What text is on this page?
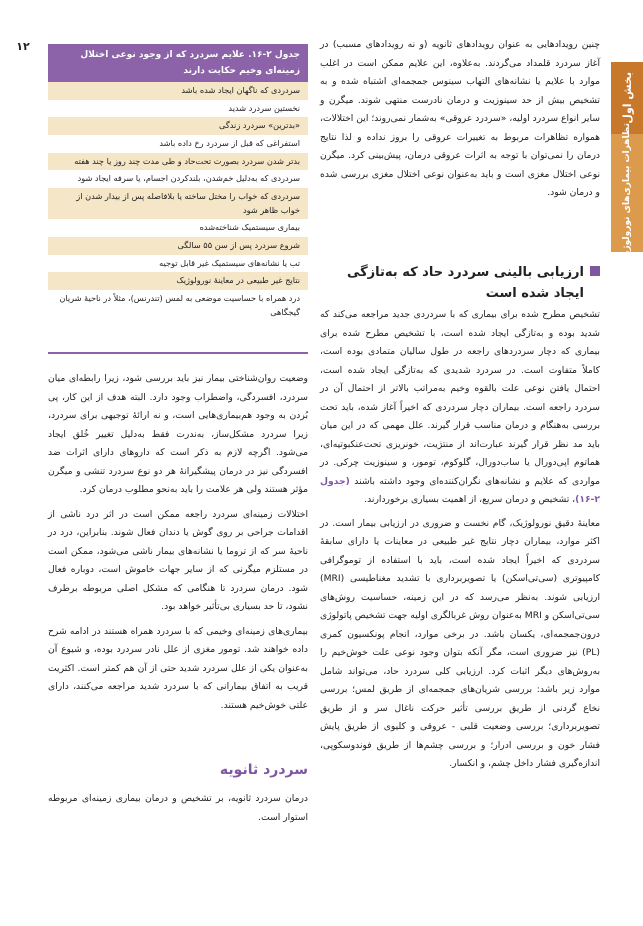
۱۲
بخش اول
تظاهرات بیماری‌های نورولوژیک

چنین رویدادهایی به عنوان رویدادهای ثانویه (و نه رویدادهای مسبب) در آغاز سردرد قلمداد می‌گردند. به‌علاوه، این علایم ممکن است در اغلب موارد با علایم یا نشانه‌های التهاب سینوس جمجمه‌ای اشتباه شده و به تشخیص بیش از حد سینوزیت و درمان نادرست منتهی شوند. میگرن و سایر انواع سردرد اولیه، «سردرد عروقی» به‌شمار نمی‌روند؛ این اختلالات، همواره تظاهرات مربوط به تغییرات عروقی را بروز نداده و لذا نتایج درمان را نمی‌توان با توجه به اثرات عروقی درمان، پیش‌بینی کرد. میگرن نوعی اختلال مغزی است و باید به‌عنوان نوعی اختلال مغزی بررسی شده و درمان شود.

ارزیابی بالینی سردرد حاد که به‌تازگی ایجاد شده است

تشخیص مطرح شده برای بیماری که با سردردی جدید مراجعه می‌کند که شدید بوده و به‌تازگی ایجاد شده است، با تشخیص مطرح شده برای بیماری که دچار سردردهای راجعه در طول سالیان متمادی بوده است، کاملاً متفاوت است. در سردرد شدیدی که به‌تازگی ایجاد شده است، احتمال یافتن نوعی علت بالقوه وخیم به‌مراتب بالاتر از احتمال آن در سردرد راجعه است. بیماران دچار سردردی که اخیراً آغاز شده، باید تحت بررسی به‌هنگام و درمان مناسب قرار گیرند. علل مهمی که در این میان باید مد نظر قرار گیرند عبارت‌اند از منتژیت، خونریزی تحت‌عنکبوتیه‌ای، هماتوم اپی‌دورال یا ساب‌دورال، گلوکوم، تومور، و سینوزیت چرکی. در مواردی که علایم و نشانه‌های نگران‌کننده‌ای وجود داشته باشند (جدول ۲-۱۶)، تشخیص و درمان سریع، از اهمیت بسیاری برخوردارند.

معاینهٔ دقیق نورولوژیک، گام نخست و ضروری در ارزیابی بیمار است. در اکثر موارد، بیماران دچار نتایج غیر طبیعی در معاینات یا دارای سابقهٔ سردردی که اخیراً ایجاد شده است، باید با استفاده از توموگرافی کامپیوتری (سی‌تی‌اسکن) یا تصویربرداری با تشدید مغناطیسی (MRI) ارزیابی شوند. به‌نظر می‌رسد که در این زمینه، حساسیت روش‌های سی‌تی‌اسکن و MRI به‌عنوان روش غربالگری اولیه جهت تشخیص پاتولوژی درون‌جمجمه‌ای، یکسان باشد. در برخی موارد، انجام پونکسیون کمری (PL) نیز ضروری است، مگر آنکه بتوان وجود نوعی علت خوش‌خیم را به‌روش‌های دیگر اثبات کرد. ارزیابی کلی سردرد حاد، می‌تواند شامل موارد زیر باشد: بررسی شریان‌های جمجمه‌ای از طریق لمس؛ بررسی نخاع گردنی از طریق بررسی تأثیر حرکت ناغال سر و از طریق تصویربرداری؛ بررسی وضعیت قلبی - عروقی و کلیوی از طریق پایش فشار خون و بررسی ادرار؛ و بررسی چشم‌ها از طریق فوندوسکوپی، اندازه‌گیری فشار داخل چشم، و انکسار.

جدول ۲-۱۶. علایم سردرد که از وجود نوعی اختلال زمینه‌ای وخیم حکایت دارند
سردردی که ناگهان ایجاد شده باشد
نخستین سردرد شدید
«بدترین» سردرد زندگی
استفراغی که قبل از سردرد رخ داده باشد
بدتر شدن سردرد بصورت تحت‌حاد و طی مدت چند روز یا چند هفته
سردردی که به‌دلیل خم‌شدن، بلندکردن اجسام، یا سرفه ایجاد شود
سردردی که خواب را مختل ساخته یا بلافاصله پس از بیدار شدن از خواب ظاهر شود
بیماری سیستمیک شناخته‌شده
شروع سردرد پس از سن ۵۵ سالگی
تب یا نشانه‌های سیستمیک غیر قابل توجیه
نتایج غیر طبیعی در معاینهٔ نورولوژیک
درد همراه با حساسیت موضعی به لمس (تندرنس)، مثلاً در ناحیهٔ شریان گیجگاهی

وضعیت روان‌شناختی بیمار نیز باید بررسی شود، زیرا رابطه‌ای میان سردرد، افسردگی، واضطراب وجود دارد. البته هدف از این کار، پی بُردن به وجود هم‌بیماری‌هایی است، و نه ارائهٔ توجیهی برای سردرد، زیرا سردرد مشکل‌ساز، به‌ندرت فقط به‌دلیل تغییر خُلق ایجاد می‌شود. اگرچه لازم به ذکر است که داروهای دارای اثرات ضد افسردگی نیز در درمان پیشگیرانهٔ هر دو نوع سردرد تنشی و میگرن مؤثر هستند ولی هر علامت را باید به‌نحو مطلوب درمان کرد.

اختلالات زمینه‌ای سردرد راجعه ممکن است در اثر درد ناشی از اقدامات جراحی بر روی گوش یا دندان فعال شوند. بنابراین، درد در ناحیهٔ سر که از تروما یا نشانه‌های بیمار ناشی می‌شود، ممکن است در مستلزم میگرنی که از سایر جهات خاموش است، دوباره فعال شود. درمان سردرد تا هنگامی که مشکل اصلی مربوطه برطرف نشود، تا حد بسیاری بی‌تأثیر خواهد بود.

بیماری‌های زمینه‌ای وخیمی که با سردرد همراه هستند در ادامه شرح داده خواهند شد. تومور مغزی از علل نادر سردرد بوده، و شیوع آن به‌عنوان یکی از علل سردرد شدید حتی از آن هم کمتر است. اکثریت قریب به اتفاق بیمارانی که با سردرد شدید مراجعه می‌کنند، دارای علتی خوش‌خیم هستند.

سردرد ثانویه

درمان سردرد ثانویه، بر تشخیص و درمان بیماری زمینه‌ای مربوطه استوار است.
